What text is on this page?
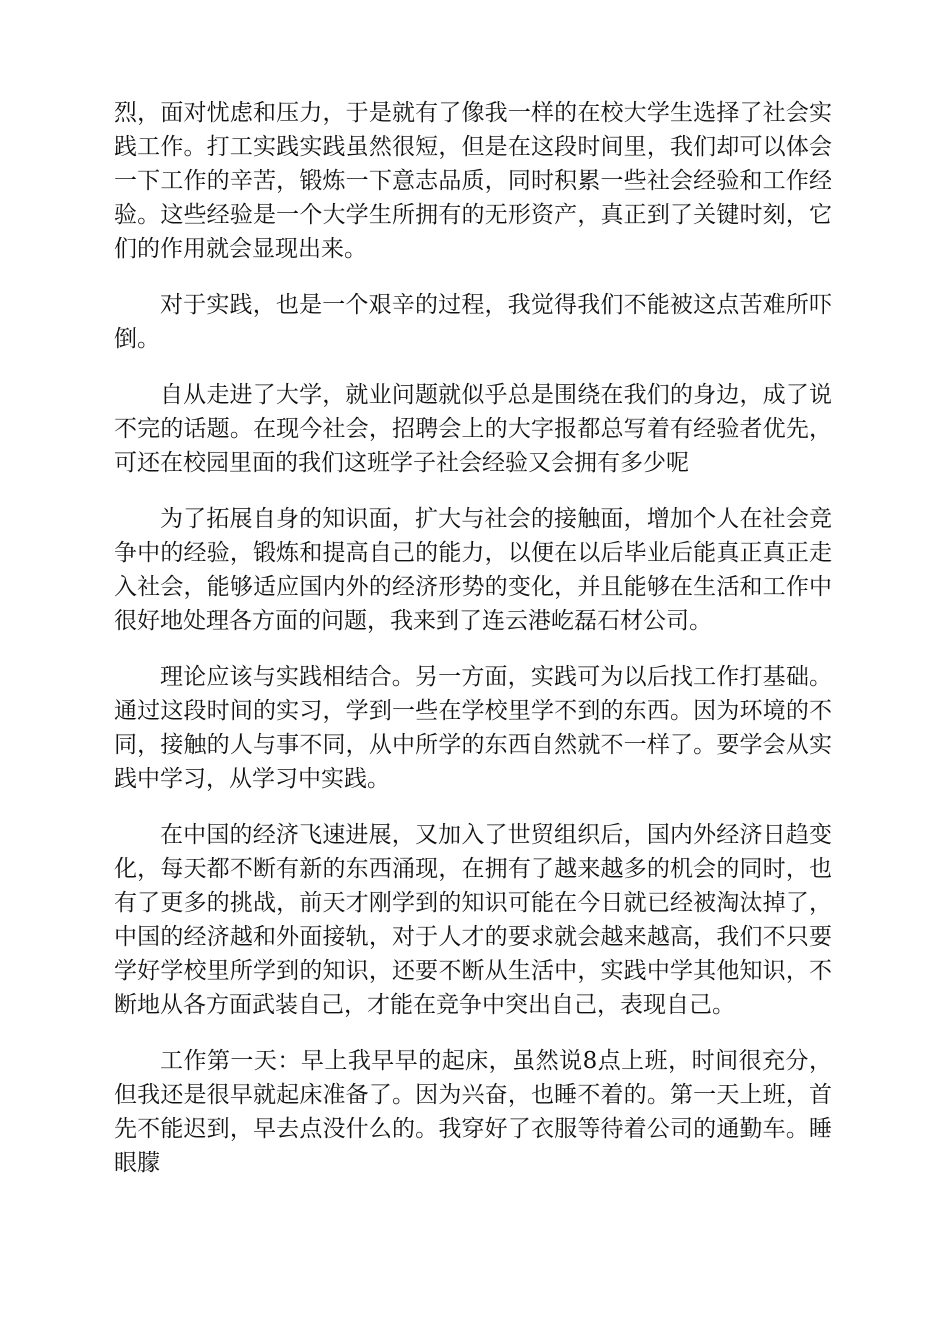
烈，面对忧虑和压力，于是就有了像我一样的在校大学生选择了社会实践工作。打工实践实践虽然很短，但是在这段时间里，我们却可以体会一下工作的辛苦，锻炼一下意志品质，同时积累一些社会经验和工作经验。这些经验是一个大学生所拥有的无形资产，真正到了关键时刻，它们的作用就会显现出来。

对于实践，也是一个艰辛的过程，我觉得我们不能被这点苦难所吓倒。

自从走进了大学，就业问题就似乎总是围绕在我们的身边，成了说不完的话题。在现今社会，招聘会上的大字报都总写着有经验者优先，可还在校园里面的我们这班学子社会经验又会拥有多少呢

为了拓展自身的知识面，扩大与社会的接触面，增加个人在社会竞争中的经验，锻炼和提高自己的能力，以便在以后毕业后能真正真正走入社会，能够适应国内外的经济形势的变化，并且能够在生活和工作中很好地处理各方面的问题，我来到了连云港屹磊石材公司。

理论应该与实践相结合。另一方面，实践可为以后找工作打基础。通过这段时间的实习，学到一些在学校里学不到的东西。因为环境的不同，接触的人与事不同，从中所学的东西自然就不一样了。要学会从实践中学习，从学习中实践。

在中国的经济飞速进展，又加入了世贸组织后，国内外经济日趋变化，每天都不断有新的东西涌现，在拥有了越来越多的机会的同时，也有了更多的挑战，前天才刚学到的知识可能在今日就已经被淘汰掉了，中国的经济越和外面接轨，对于人才的要求就会越来越高，我们不只要学好学校里所学到的知识，还要不断从生活中，实践中学其他知识，不断地从各方面武装自己，才能在竞争中突出自己，表现自己。

工作第一天：早上我早早的起床，虽然说8点上班，时间很充分，但我还是很早就起床准备了。因为兴奋，也睡不着的。第一天上班，首先不能迟到，早去点没什么的。我穿好了衣服等待着公司的通勤车。睡眼朦
